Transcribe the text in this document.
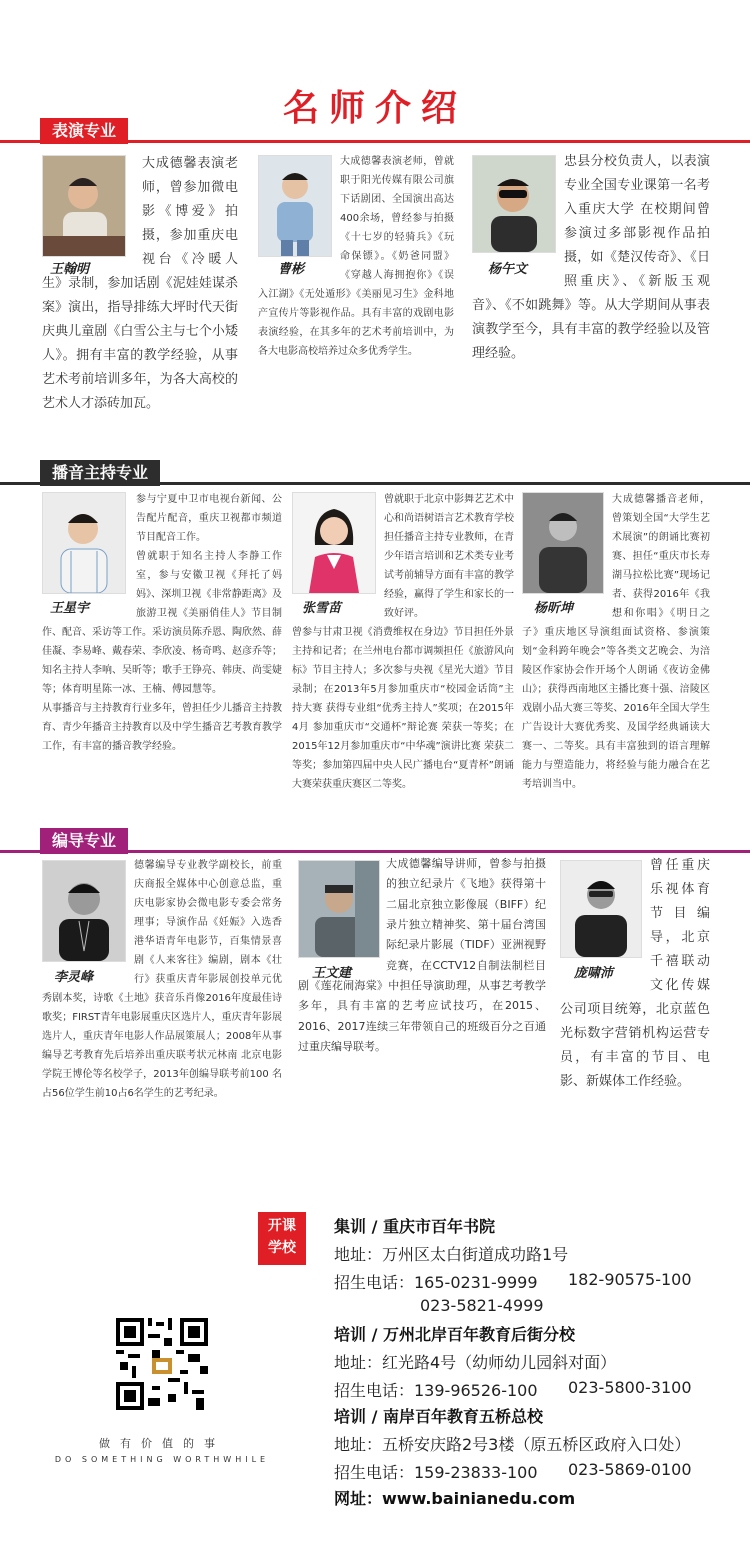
名师介绍
表演专业
王翰明
大成德馨表演老师，曾参加微电影《博爱》拍摄，参加重庆电视台《冷暖人生》录制，参加话剧《泥娃娃谋杀案》演出，指导排练大坪时代天街庆典儿童剧《白雪公主与七个小矮人》。拥有丰富的教学经验，从事艺术考前培训多年，为各大高校的艺术人才添砖加瓦。
曹彬
大成德馨表演老师，曾就职于阳光传媒有限公司旗下话剧团、全国演出高达400余场，曾经参与拍摄《十七岁的轻骑兵》《玩命保镖》。《奶爸同盟》《穿越人海拥抱你》《误入江湖》《无处遁形》《美丽见习生》金科地产宣传片等影视作品。具有丰富的戏剧电影表演经验，在其多年的艺术考前培训中，为各大电影高校培养过众多优秀学生。
杨午文
忠县分校负责人，以表演专业全国专业课第一名考入重庆大学 在校期间曾参演过多部影视作品拍摄，如《楚汉传奇》、《日照重庆》、《新版玉观音》、《不如跳舞》等。从大学期间从事表演教学至今，具有丰富的教学经验以及管理经验。
播音主持专业
王星宇
参与宁夏中卫市电视台新闻、公告配片配音，重庆卫视都市频道节目配音工作。
曾就职于知名主持人李静工作室，参与安徽卫视《拜托了妈妈》、深圳卫视《非常静距离》及旅游卫视《美丽俏佳人》节目制作、配音、采访等工作。采访演员陈乔恩、陶欣然、薛佳凝、李易峰、戴春荣、李欣凌、杨奇鸣、赵彦乔等；知名主持人李响、吴昕等；歌手王铮亮、韩庚、尚雯婕等；体育明星陈一冰、王楠、傅园慧等。
从事播音与主持教育行业多年，曾担任少儿播音主持教育、青少年播音主持教育以及中学生播音艺考教育教学工作，有丰富的播音教学经验。
张雪苗
曾就职于北京中影舞艺艺术中心和尚语树语言艺术教育学校担任播音主持专业教师，在青少年语言培训和艺术类专业考试考前辅导方面有丰富的教学经验，赢得了学生和家长的一致好评。
曾参与甘肃卫视《消费维权在身边》节目担任外景主持和记者；在兰州电台都市调频担任《旅游风向标》节目主持人；多次参与央视《星光大道》节目录制；在2013年5月参加重庆市“校园金话筒”主持大赛 获得专业组“优秀主持人”奖项；在2015年4月 参加重庆市“交通杯”辩论赛 荣获一等奖；在2015年12月参加重庆市“中华魂”演讲比赛 荣获二等奖；参加第四届中央人民广播电台“夏青杯”朗诵大赛荣获重庆赛区二等奖。
杨昕坤
大成德馨播音老师，曾策划全国“大学生艺术展演”的朗诵比赛初赛、担任“重庆市长寿湖马拉松比赛”现场记者、获得2016年《我想和你唱》《明日之子》重庆地区导演组面试资格、参演策划“金科跨年晚会”等各类文艺晚会、为涪陵区作家协会作开场个人朗诵《夜访金佛山》；获得西南地区主播比赛十强、涪陵区戏剧小品大赛三等奖、2016年全国大学生广告设计大赛优秀奖、及国学经典诵读大赛一、二等奖。具有丰富独到的语言理解能力与塑造能力，将经验与能力融合在艺考培训当中。
编导专业
李灵峰
德馨编导专业教学副校长，前重庆商报全媒体中心创意总监，重庆电影家协会微电影专委会常务理事；导演作品《妊娠》入选香港华语青年电影节，百集情景喜剧《人来客往》编剧，剧本《壮行》获重庆青年影展创投单元优秀剧本奖，诗歌《土地》获音乐肖像2016年度最佳诗歌奖；FIRST青年电影展重庆区选片人，重庆青年影展选片人，重庆青年电影人作品展策展人；2008年从事编导艺考教育先后培养出重庆联考状元林南 北京电影学院王博伦等名校学子，2013年创编导联考前100 名占56位学生前10占6名学生的艺考纪录。
王文建
大成德馨编导讲师，曾参与拍摄的独立纪录片《飞地》获得第十二届北京独立影像展（BIFF）纪录片独立精神奖、第十届台湾国际纪录片影展（TIDF）亚洲视野竞赛，在CCTV12自制法制栏目剧《莲花闹海棠》中担任导演助理，从事艺考教学多年，具有丰富的艺考应试技巧，在2015、2016、2017连续三年带领自己的班级百分之百通过重庆编导联考。
庞啸沛
曾任重庆乐视体育节目编导，北京千禧联动文化传媒公司项目统筹，北京蓝色光标数字营销机构运营专员，有丰富的节目、电影、新媒体工作经验。
开课
学校
做有价值的事
DO SOMETHING WORTHWHILE
集训 / 重庆市百年书院
地址：万州区太白街道成功路1号
招生电话：165-0231-9999 182-90575-100
023-5821-4999
培训 / 万州北岸百年教育后街分校
地址：红光路4号（幼师幼儿园斜对面）
招生电话：139-96526-100 023-5800-3100
培训 / 南岸百年教育五桥总校
地址：五桥安庆路2号3楼（原五桥区政府入口处）
招生电话：159-23833-100 023-5869-0100
网址：www.bainianedu.com
